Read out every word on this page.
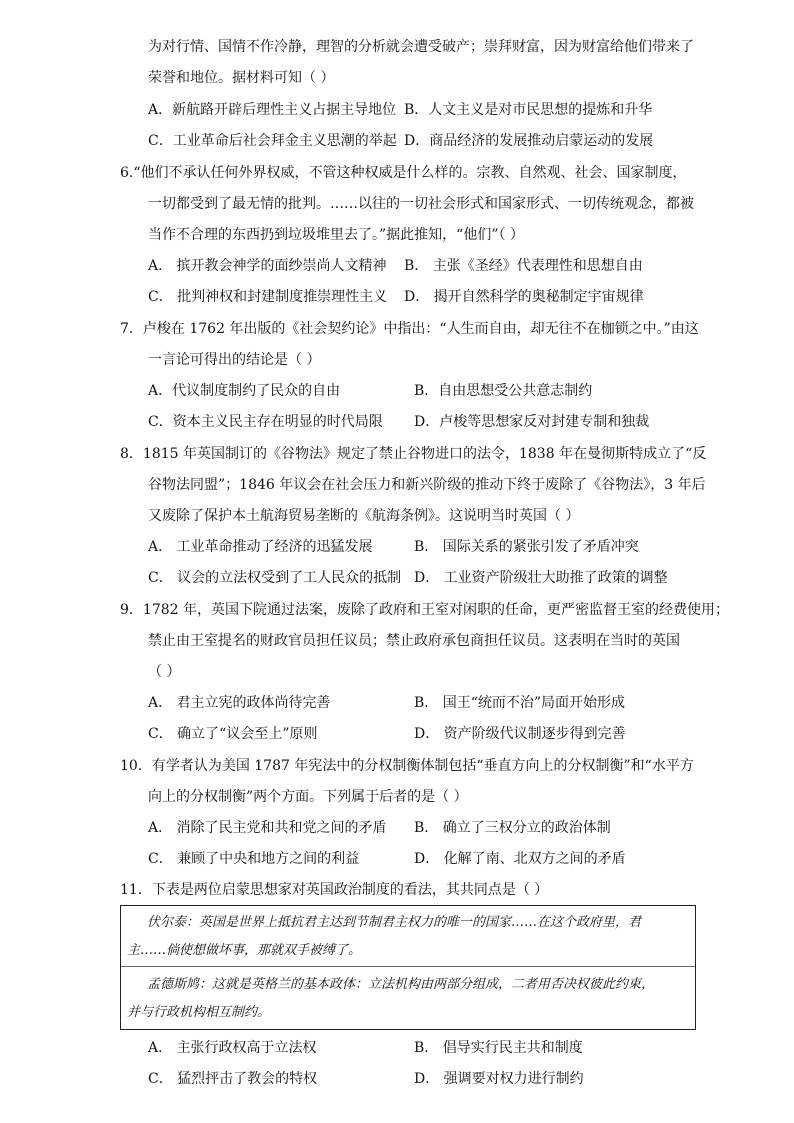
为对行情、国情不作冷静，理智的分析就会遭受破产；崇拜财富，因为财富给他们带来了
荣誉和地位。据材料可知（ ）
A．新航路开辟后理性主义占据主导地位 B．人文主义是对市民思想的提炼和升华
C．工业革命后社会拜金主义思潮的举起 D．商品经济的发展推动启蒙运动的发展
6.“他们不承认任何外界权威，不管这种权威是什么样的。宗教、自然观、社会、国家制度，
一切都受到了最无情的批判。……以往的一切社会形式和国家形式、一切传统观念，都被
当作不合理的东西扔到垃圾堆里去了。”据此推知，“他们”（ ）
A． 摈开教会神学的面纱崇尚人文精神 B． 主张《圣经》代表理性和思想自由
C． 批判神权和封建制度推崇理性主义 D． 揭开自然科学的奥秘制定宇宙规律
7．卢梭在 1762 年出版的《社会契约论》中指出：“人生而自由，却无往不在枷锁之中。”由这
一言论可得出的结论是（ ）
A．代议制度制约了民众的自由	B．自由思想受公共意志制约
C．资本主义民主存在明显的时代局限 D．卢梭等思想家反对封建专制和独裁
8．1815 年英国制订的《谷物法》规定了禁止谷物进口的法令，1838 年在曼彻斯特成立了“反
谷物法同盟”；1846 年议会在社会压力和新兴阶级的推动下终于废除了《谷物法》，3 年后
又废除了保护本土航海贸易垄断的《航海条例》。这说明当时英国（ ）
A． 工业革命推动了经济的迅猛发展	B． 国际关系的紧张引发了矛盾冲突
C． 议会的立法权受到了工人民众的抵制 D． 工业资产阶级壮大助推了政策的调整
9．1782 年，英国下院通过法案，废除了政府和王室对闲职的任命，更严密监督王室的经费使用；
禁止由王室提名的财政官员担任议员；禁止政府承包商担任议员。这表明在当时的英国
（ ）
A． 君主立宪的政体尚待完善	B． 国王“统而不治”局面开始形成
C． 确立了“议会至上”原则	D． 资产阶级代议制逐步得到完善
10．有学者认为美国 1787 年宪法中的分权制衡体制包括“垂直方向上的分权制衡”和“水平方
向上的分权制衡”两个方面。下列属于后者的是（ ）
A． 消除了民主党和共和党之间的矛盾 B． 确立了三权分立的政治体制
C． 兼顾了中央和地方之间的利益	D． 化解了南、北双方之间的矛盾
11．下表是两位启蒙思想家对英国政治制度的看法，其共同点是（ ）
伏尔泰：英国是世界上抵抗君主达到节制君主权力的唯一的国家……在这个政府里，君
主……倘使想做坏事，那就双手被缚了。
孟德斯鸠：这就是英格兰的基本政体：立法机构由两部分组成，二者用否决权彼此约束，
并与行政机构相互制约。
A． 主张行政权高于立法权	B． 倡导实行民主共和制度
C． 猛烈抨击了教会的特权	D． 强调要对权力进行制约
